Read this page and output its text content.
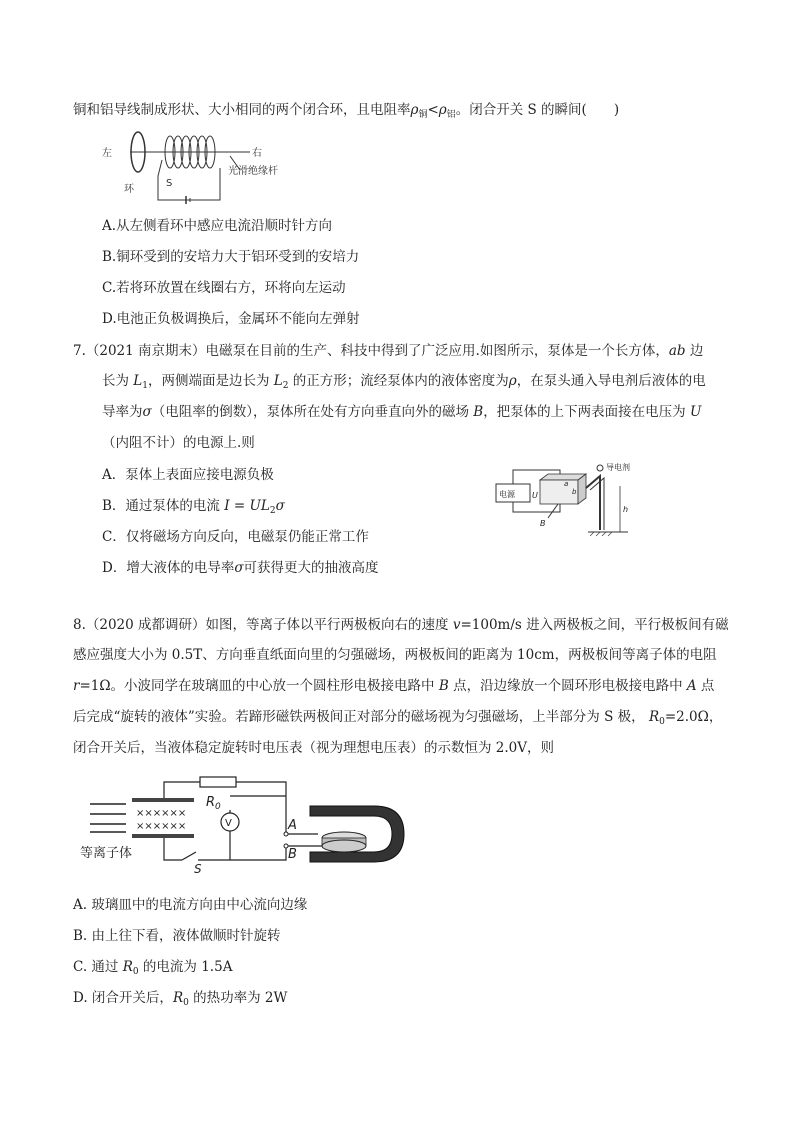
铜和铝导线制成形状、大小相同的两个闭合环，且电阻率$\rho_铜<\rho_铝$。闭合开关 S 的瞬间(　　)
左	右
环
S
光滑绝缘杆
A.从左侧看环中感应电流沿顺时针方向
B.铜环受到的安培力大于铝环受到的安培力
C.若将环放置在线圈右方，环将向左运动
D.电池正负极调换后，金属环不能向左弹射
7.（2021 南京期末）电磁泵在目前的生产、科技中得到了广泛应用.如图所示，泵体是一个长方体，ab 边
长为 $L_1$，两侧端面是边长为 $L_2$ 的正方形；流经泵体内的液体密度为ρ，在泵头通入导电剂后液体的电
导率为σ（电阻率的倒数），泵体所在处有方向垂直向外的磁场 B，把泵体的上下两表面接在电压为 U
（内阻不计）的电源上.则
A．泵体上表面应接电源负极
B．通过泵体的电流 $I = UL_2\sigma$
C．仅将磁场方向反向，电磁泵仍能正常工作
D．增大液体的电导率σ可获得更大的抽液高度
电源 U
a
b
B
导电剂
h
8.（2020 成都调研）如图，等离子体以平行两极板向右的速度 v=100m/s 进入两极板之间，平行极板间有磁
感应强度大小为 0.5T、方向垂直纸面向里的匀强磁场，两极板间的距离为 10cm，两极板间等离子体的电阻
r=1Ω。小波同学在玻璃皿的中心放一个圆柱形电极接电路中 B 点，沿边缘放一个圆环形电极接电路中 A 点
后完成“旋转的液体”实验。若蹄形磁铁两极间正对部分的磁场视为匀强磁场，上半部分为 S 极， $R_0=2.0\Omega$，
闭合开关后，当液体稳定旋转时电压表（视为理想电压表）的示数恒为 2.0V，则
××××××
××××××
$R_0$
S
V	A
B
等离子体
A. 玻璃皿中的电流方向由中心流向边缘
B. 由上往下看，液体做顺时针旋转
C. 通过 $R_0$ 的电流为 1.5A
D. 闭合开关后，$R_0$ 的热功率为 2W
